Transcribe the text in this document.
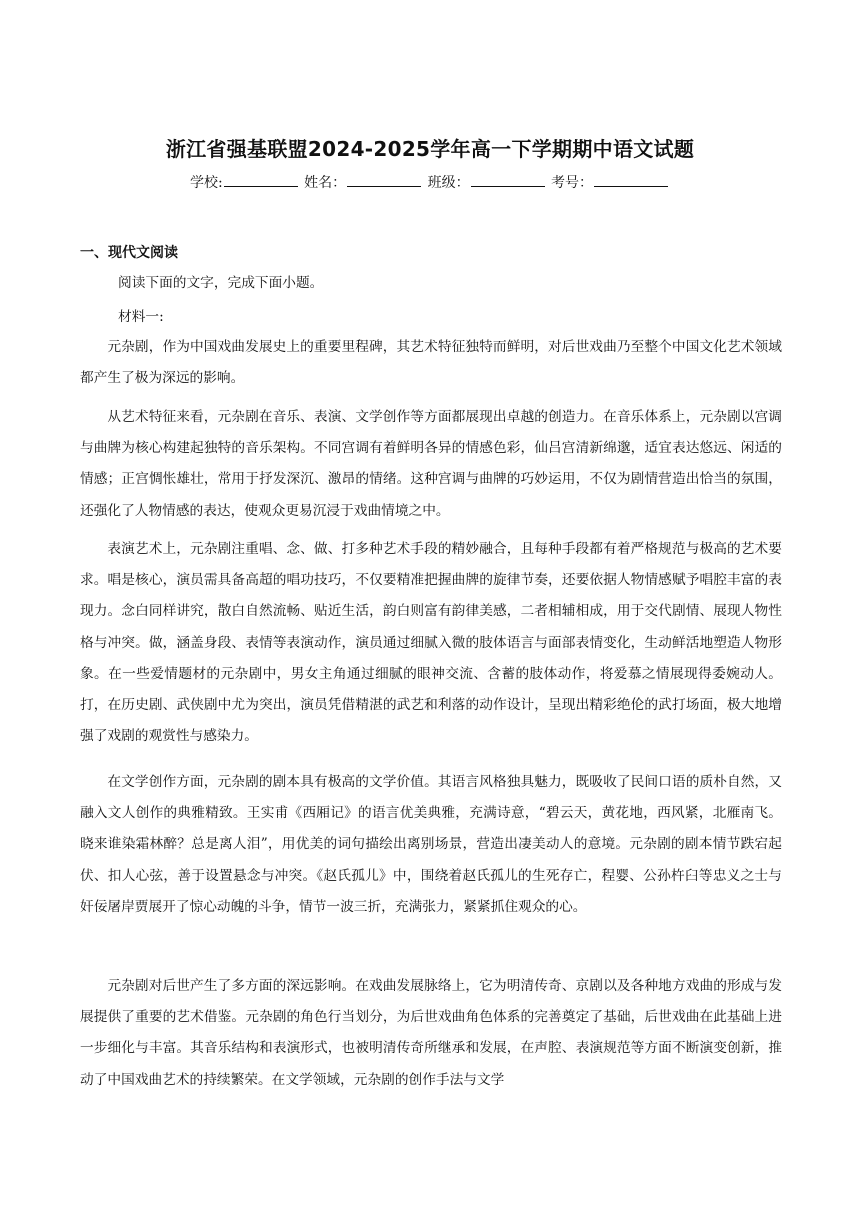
浙江省强基联盟2024-2025学年高一下学期期中语文试题
学校:	姓名：	班级：	考号：
一、现代文阅读

阅读下面的文字，完成下面小题。

材料一:

元杂剧，作为中国戏曲发展史上的重要里程碑，其艺术特征独特而鲜明，对后世戏曲乃至整个中国文化艺术领域都产生了极为深远的影响。

从艺术特征来看，元杂剧在音乐、表演、文学创作等方面都展现出卓越的创造力。在音乐体系上，元杂剧以宫调与曲牌为核心构建起独特的音乐架构。不同宫调有着鲜明各异的情感色彩，仙吕宫清新绵邈，适宜表达悠远、闲适的情感；正宫惆怅雄壮，常用于抒发深沉、激昂的情绪。这种宫调与曲牌的巧妙运用，不仅为剧情营造出恰当的氛围，还强化了人物情感的表达，使观众更易沉浸于戏曲情境之中。

表演艺术上，元杂剧注重唱、念、做、打多种艺术手段的精妙融合，且每种手段都有着严格规范与极高的艺术要求。唱是核心，演员需具备高超的唱功技巧，不仅要精准把握曲牌的旋律节奏，还要依据人物情感赋予唱腔丰富的表现力。念白同样讲究，散白自然流畅、贴近生活，韵白则富有韵律美感，二者相辅相成，用于交代剧情、展现人物性格与冲突。做，涵盖身段、表情等表演动作，演员通过细腻入微的肢体语言与面部表情变化，生动鲜活地塑造人物形象。在一些爱情题材的元杂剧中，男女主角通过细腻的眼神交流、含蓄的肢体动作，将爱慕之情展现得委婉动人。打，在历史剧、武侠剧中尤为突出，演员凭借精湛的武艺和利落的动作设计，呈现出精彩绝伦的武打场面，极大地增强了戏剧的观赏性与感染力。

在文学创作方面，元杂剧的剧本具有极高的文学价值。其语言风格独具魅力，既吸收了民间口语的质朴自然，又融入文人创作的典雅精致。王实甫《西厢记》的语言优美典雅，充满诗意，“碧云天，黄花地，西风紧，北雁南飞。晓来谁染霜林醉？总是离人泪”，用优美的词句描绘出离别场景，营造出凄美动人的意境。元杂剧的剧本情节跌宕起伏、扣人心弦，善于设置悬念与冲突。《赵氏孤儿》中，围绕着赵氏孤儿的生死存亡，程婴、公孙杵臼等忠义之士与奸佞屠岸贾展开了惊心动魄的斗争，情节一波三折，充满张力，紧紧抓住观众的心。

元杂剧对后世产生了多方面的深远影响。在戏曲发展脉络上，它为明清传奇、京剧以及各种地方戏曲的形成与发展提供了重要的艺术借鉴。元杂剧的角色行当划分，为后世戏曲角色体系的完善奠定了基础，后世戏曲在此基础上进一步细化与丰富。其音乐结构和表演形式，也被明清传奇所继承和发展，在声腔、表演规范等方面不断演变创新，推动了中国戏曲艺术的持续繁荣。在文学领域，元杂剧的创作手法与文学
